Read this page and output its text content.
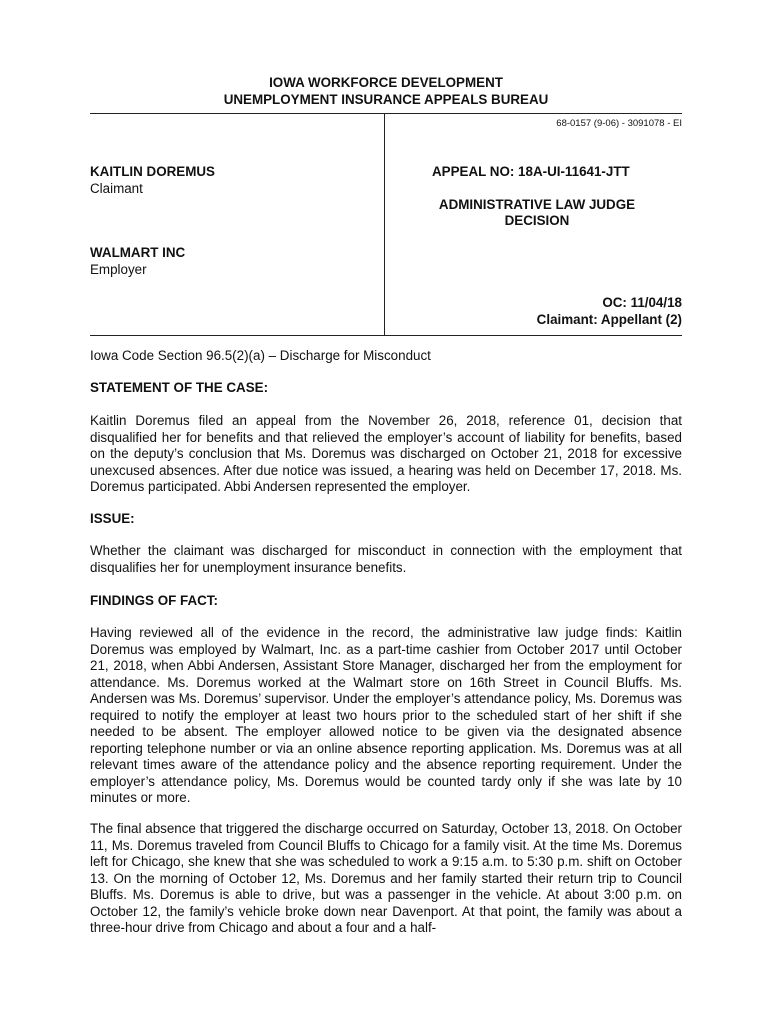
IOWA WORKFORCE DEVELOPMENT
UNEMPLOYMENT INSURANCE APPEALS BUREAU
68-0157 (9-06) - 3091078 - EI
KAITLIN DOREMUS
Claimant
WALMART INC
Employer
APPEAL NO: 18A-UI-11641-JTT
ADMINISTRATIVE LAW JUDGE
DECISION
OC: 11/04/18
Claimant: Appellant (2)
Iowa Code Section 96.5(2)(a) – Discharge for Misconduct
STATEMENT OF THE CASE:
Kaitlin Doremus filed an appeal from the November 26, 2018, reference 01, decision that disqualified her for benefits and that relieved the employer’s account of liability for benefits, based on the deputy’s conclusion that Ms. Doremus was discharged on October 21, 2018 for excessive unexcused absences. After due notice was issued, a hearing was held on December 17, 2018. Ms. Doremus participated. Abbi Andersen represented the employer.
ISSUE:
Whether the claimant was discharged for misconduct in connection with the employment that disqualifies her for unemployment insurance benefits.
FINDINGS OF FACT:
Having reviewed all of the evidence in the record, the administrative law judge finds: Kaitlin Doremus was employed by Walmart, Inc. as a part-time cashier from October 2017 until October 21, 2018, when Abbi Andersen, Assistant Store Manager, discharged her from the employment for attendance. Ms. Doremus worked at the Walmart store on 16th Street in Council Bluffs. Ms. Andersen was Ms. Doremus’ supervisor. Under the employer’s attendance policy, Ms. Doremus was required to notify the employer at least two hours prior to the scheduled start of her shift if she needed to be absent. The employer allowed notice to be given via the designated absence reporting telephone number or via an online absence reporting application. Ms. Doremus was at all relevant times aware of the attendance policy and the absence reporting requirement. Under the employer’s attendance policy, Ms. Doremus would be counted tardy only if she was late by 10 minutes or more.
The final absence that triggered the discharge occurred on Saturday, October 13, 2018. On October 11, Ms. Doremus traveled from Council Bluffs to Chicago for a family visit. At the time Ms. Doremus left for Chicago, she knew that she was scheduled to work a 9:15 a.m. to 5:30 p.m. shift on October 13. On the morning of October 12, Ms. Doremus and her family started their return trip to Council Bluffs. Ms. Doremus is able to drive, but was a passenger in the vehicle. At about 3:00 p.m. on October 12, the family’s vehicle broke down near Davenport. At that point, the family was about a three-hour drive from Chicago and about a four and a half-
